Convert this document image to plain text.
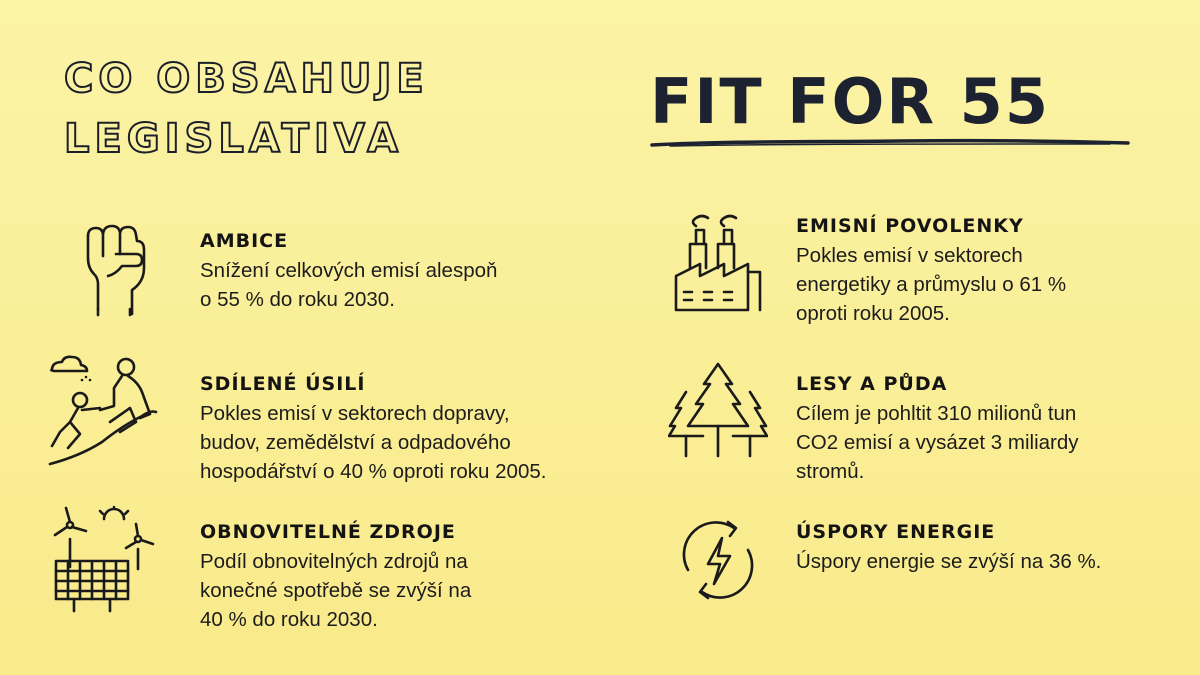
CO OBSAHUJE
LEGISLATIVA
FIT FOR 55
AMBICE

Snížení celkových emisí alespoň
o 55 % do roku 2030.

SDÍLENÉ ÚSILÍ

Pokles emisí v sektorech dopravy,
budov, zemědělství a odpadového
hospodářství o 40 % oproti roku 2005.

OBNOVITELNÉ ZDROJE

Podíl obnovitelných zdrojů na
konečné spotřebě se zvýší na
40 % do roku 2030.

EMISNÍ POVOLENKY

Pokles emisí v sektorech
energetiky a průmyslu o 61 %
oproti roku 2005.

LESY A PŮDA

Cílem je pohltit 310 milionů tun
CO2 emisí a vysázet 3 miliardy
stromů.

ÚSPORY ENERGIE

Úspory energie se zvýší na 36 %.
